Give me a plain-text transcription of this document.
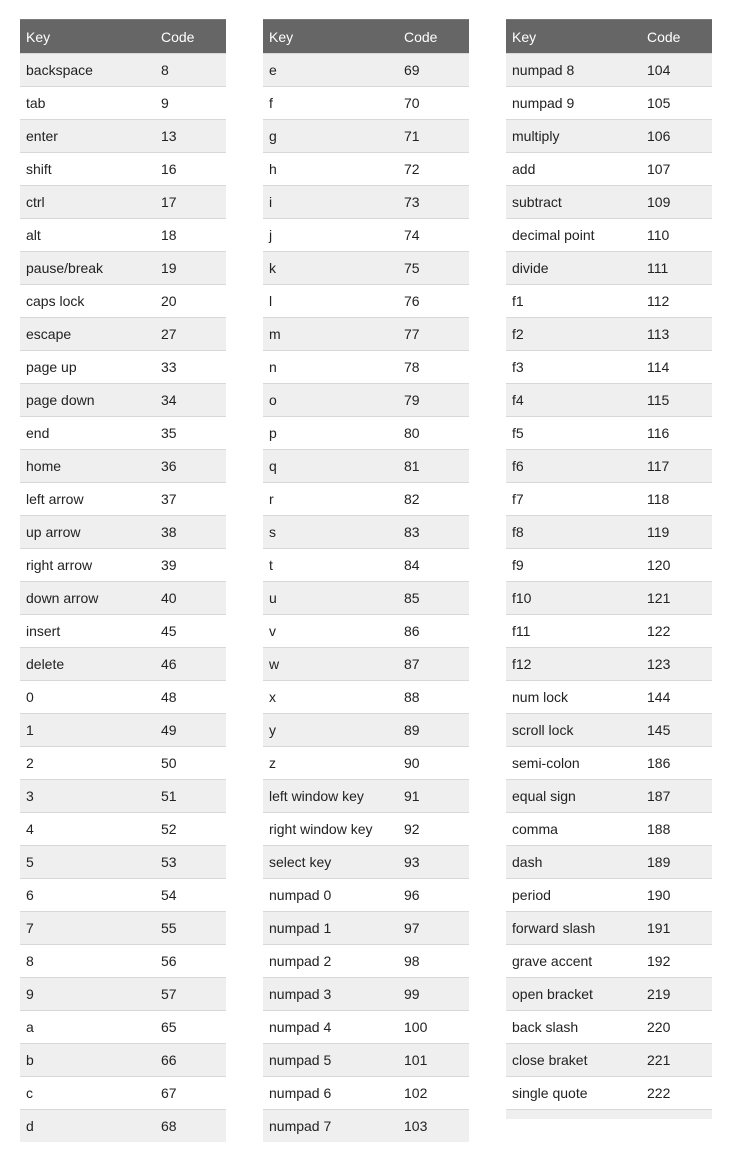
Key	Code
backspace	8
tab	9
enter	13
shift	16
ctrl	17
alt	18
pause/break	19
caps lock	20
escape	27
page up	33
page down	34
end	35
home	36
left arrow	37
up arrow	38
right arrow	39
down arrow	40
insert	45
delete	46
0	48
1	49
2	50
3	51
4	52
5	53
6	54
7	55
8	56
9	57
a	65
b	66
c	67
d	68
Key	Code
e	69
f	70
g	71
h	72
i	73
j	74
k	75
l	76
m	77
n	78
o	79
p	80
q	81
r	82
s	83
t	84
u	85
v	86
w	87
x	88
y	89
z	90
left window key	91
right window key	92
select key	93
numpad 0	96
numpad 1	97
numpad 2	98
numpad 3	99
numpad 4	100
numpad 5	101
numpad 6	102
numpad 7	103
Key	Code
numpad 8	104
numpad 9	105
multiply	106
add	107
subtract	109
decimal point	110
divide	111
f1	112
f2	113
f3	114
f4	115
f5	116
f6	117
f7	118
f8	119
f9	120
f10	121
f11	122
f12	123
num lock	144
scroll lock	145
semi-colon	186
equal sign	187
comma	188
dash	189
period	190
forward slash	191
grave accent	192
open bracket	219
back slash	220
close braket	221
single quote	222
